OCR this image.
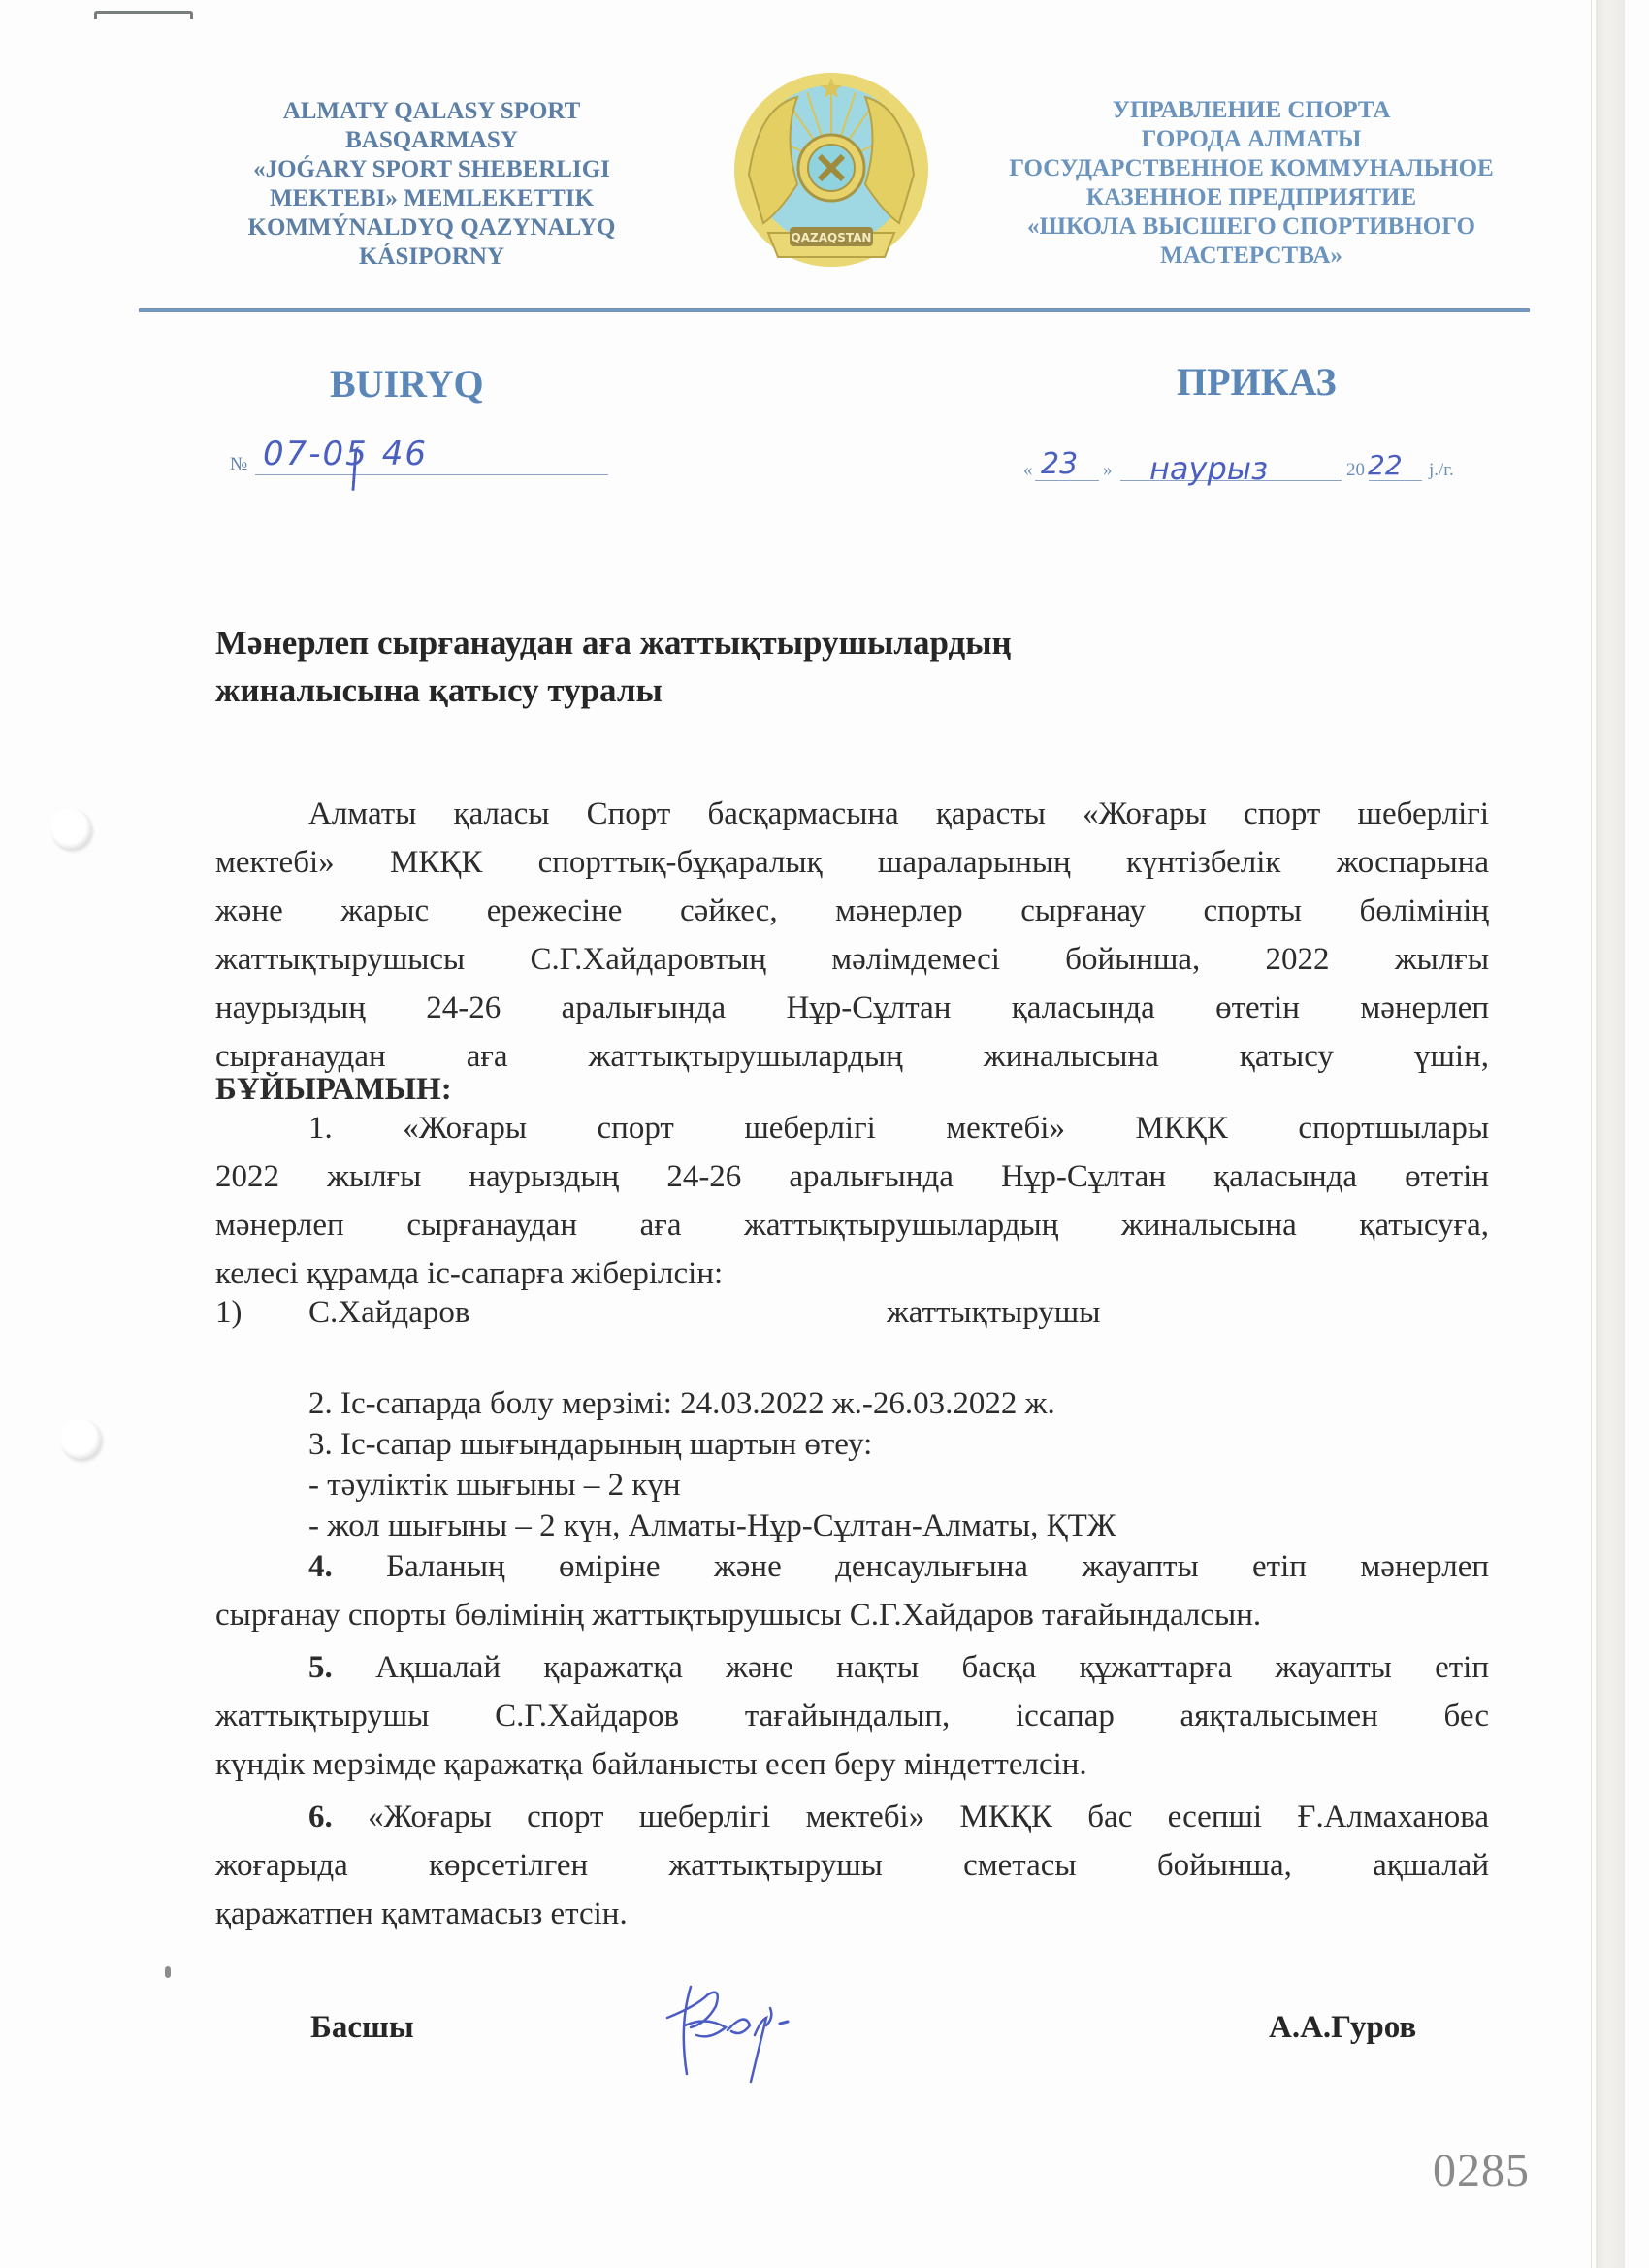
ALMATY QALASY SPORT
BASQARMASY
«JOǴARY SPORT SHEBERLIGI
MEKTEBI» MEMLEKETTIK
KOMMÝNALDYQ QAZYNALYQ
KÁSIPORNY
QAZAQSTAN
УПРАВЛЕНИЕ СПОРТА
ГОРОДА АЛМАТЫ
ГОСУДАРСТВЕННОЕ КОММУНАЛЬНОЕ
КАЗЕННОЕ ПРЕДПРИЯТИЕ
«ШКОЛА ВЫСШЕГО СПОРТИВНОГО
МАСТЕРСТВА»
BUIRYQ	ПРИКАЗ
№ 07-05 46	« 23 » наурыз	20 22 j./г.
Мәнерлеп сырғанаудан аға жаттықтырушылардың
жиналысына қатысу туралы
Алматы қаласы Спорт басқармасына қарасты «Жоғары спорт шеберлігі
мектебі» МКҚК спорттық-бұқаралық шараларының күнтізбелік жоспарына
және жарыс ережесіне сәйкес, мәнерлер сырғанау спорты бөлімінің
жаттықтырушысы С.Г.Хайдаровтың мәлімдемесі бойынша, 2022 жылғы
наурыздың 24-26 аралығында Нұр-Сұлтан қаласында өтетін мәнерлеп
сырғанаудан аға жаттықтырушылардың жиналысына қатысу үшін,
БҰЙЫРАМЫН:
1. «Жоғары спорт шеберлігі мектебі» МКҚК спортшылары
2022 жылғы наурыздың 24-26 аралығында Нұр-Сұлтан қаласында өтетін
мәнерлеп сырғанаудан аға жаттықтырушылардың жиналысына қатысуға,
келесі құрамда іс-сапарға жіберілсін:
1) С.Хайдаров	жаттықтырушы
2. Іс-сапарда болу мерзімі: 24.03.2022 ж.-26.03.2022 ж.
3. Іс-сапар шығындарының шартын өтеу:
- тәуліктік шығыны – 2 күн
- жол шығыны – 2 күн, Алматы-Нұр-Сұлтан-Алматы, ҚТЖ
4. Баланың өміріне және денсаулығына жауапты етіп мәнерлеп
сырғанау спорты бөлімінің жаттықтырушысы С.Г.Хайдаров тағайындалсын.
5. Ақшалай қаражатқа және нақты басқа құжаттарға жауапты етіп
жаттықтырушы С.Г.Хайдаров тағайындалып, іссапар аяқталысымен бес
күндік мерзімде қаражатқа байланысты есеп беру міндеттелсін.
6. «Жоғары спорт шеберлігі мектебі» МКҚК бас есепші Ғ.Алмаханова
жоғарыда көрсетілген жаттықтырушы сметасы бойынша, ақшалай
қаражатпен қамтамасыз етсін.
Басшы	А.А.Гуров
0285
